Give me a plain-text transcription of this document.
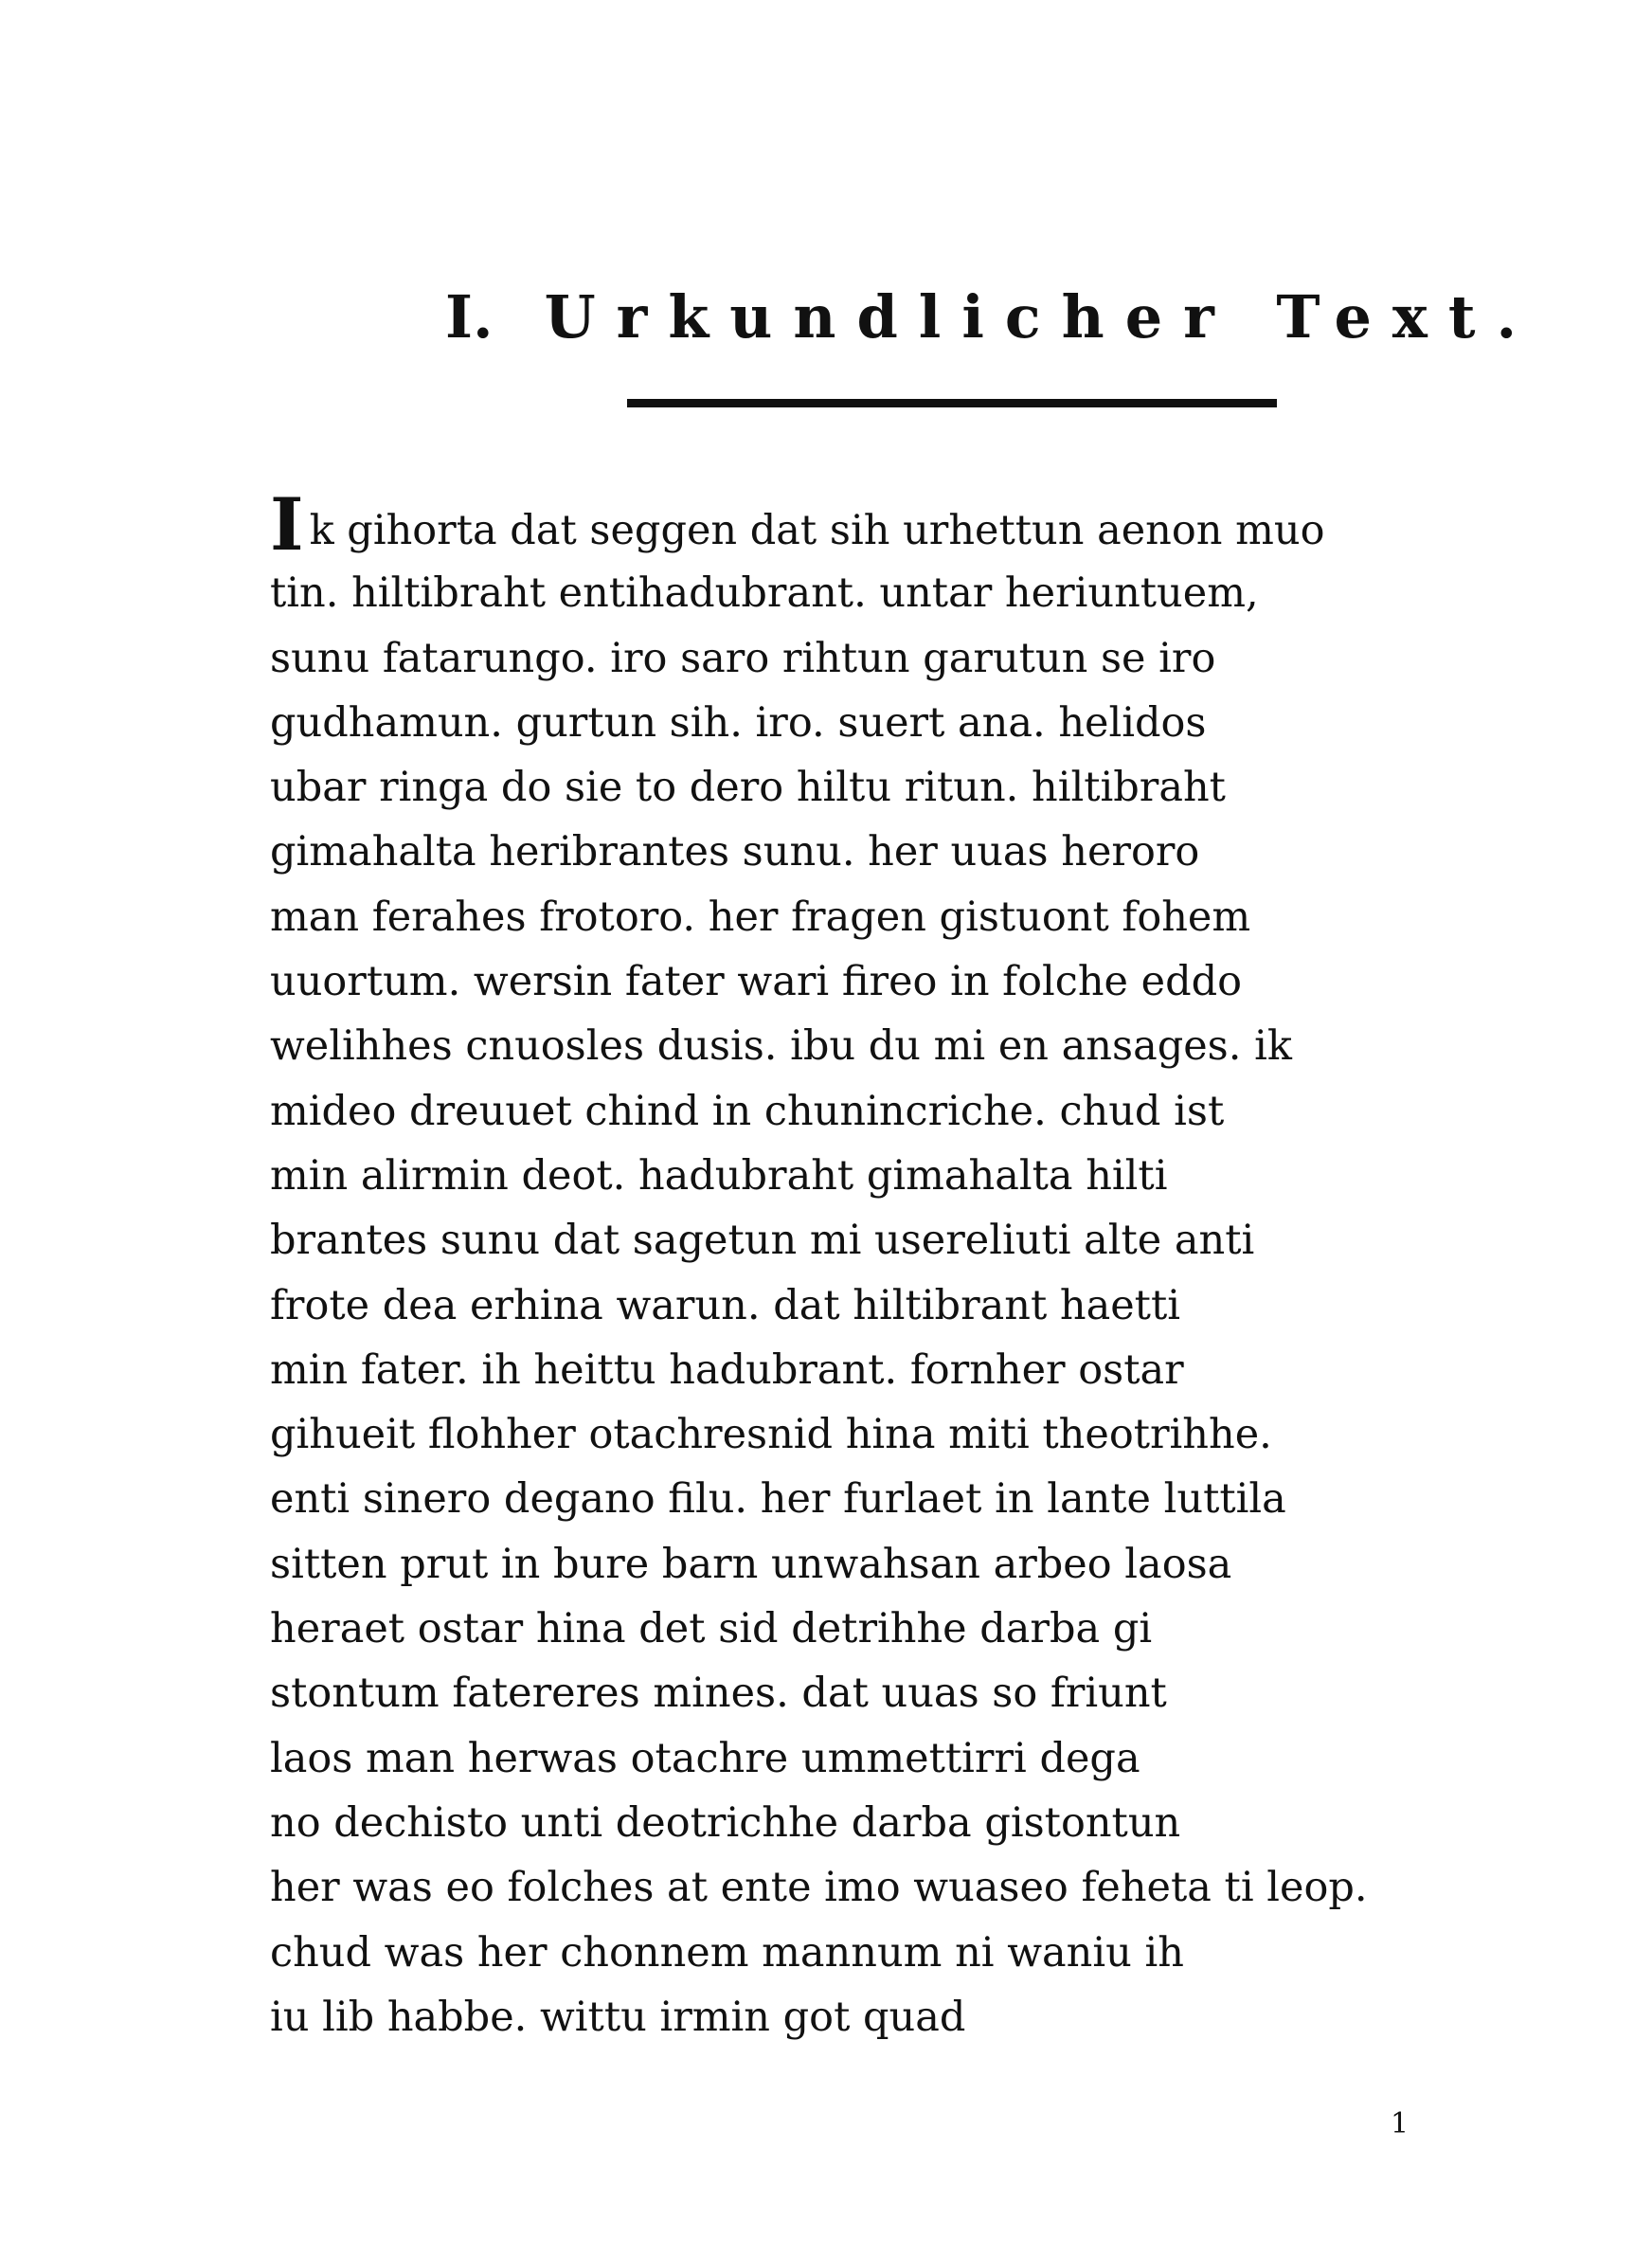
I. Urkundlicher Text.
Ik gihorta dat seggen dat sih urhettun aenon muo
tin. hiltibraht entihadubrant. untar heriuntuem,
sunu fatarungo. iro saro rihtun garutun se iro
gudhamun. gurtun sih. iro. suert ana. helidos
ubar ringa do sie to dero hiltu ritun. hiltibraht
gimahalta heribrantes sunu. her uuas heroro
man ferahes frotoro. her fragen gistuont fohem
uuortum. wersin fater wari fireo in folche eddo
welihhes cnuosles dusis. ibu du mi en ansages. ik
mideo dreuuet chind in chunincriche. chud ist
min alirmin deot. hadubraht gimahalta hilti
brantes sunu dat sagetun mi usereliuti alte anti
frote dea erhina warun. dat hiltibrant haetti
min fater. ih heittu hadubrant. fornher ostar
gihueit flohher otachresnid hina miti theotrihhe.
enti sinero degano filu. her furlaet in lante luttila
sitten prut in bure barn unwahsan arbeo laosa
heraet ostar hina det sid detrihhe darba gi
stontum fatereres mines. dat uuas so friunt
laos man herwas otachre ummettirri dega
no dechisto unti deotrichhe darba gistontun
her was eo folches at ente imo wuaseo feheta ti leop.
chud was her chonnem mannum ni waniu ih
iu lib habbe. wittu irmin got quad
1
